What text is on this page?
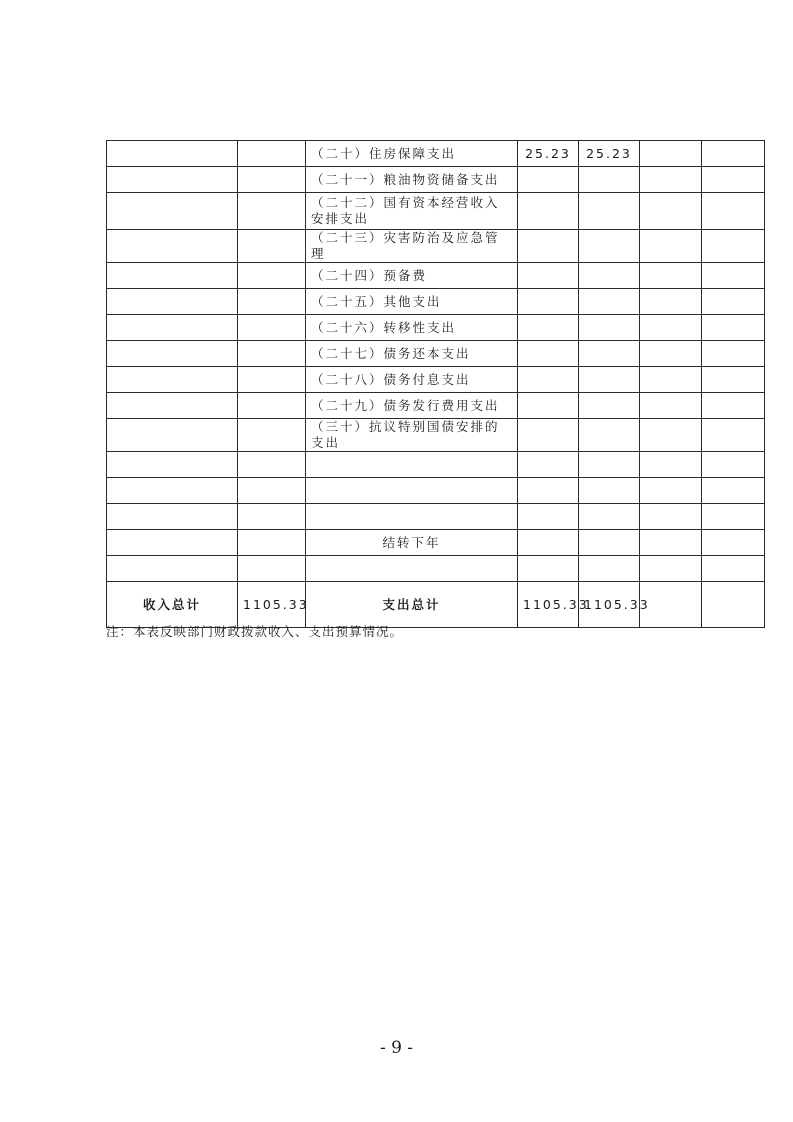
		（二十）住房保障支出	25.23	25.23		
		（二十一）粮油物资储备支出				
		（二十二）国有资本经营收入安排支出				
		（二十三）灾害防治及应急管理				
		（二十四）预备费				
		（二十五）其他支出				
		（二十六）转移性支出				
		（二十七）债务还本支出				
		（二十八）债务付息支出				
		（二十九）债务发行费用支出				
		（三十）抗议特别国债安排的支出				

		结转下年				

收入总计	1105.33	支出总计	1105.33	1105.33		
注：本表反映部门财政拨款收入、支出预算情况。
- 9 -
